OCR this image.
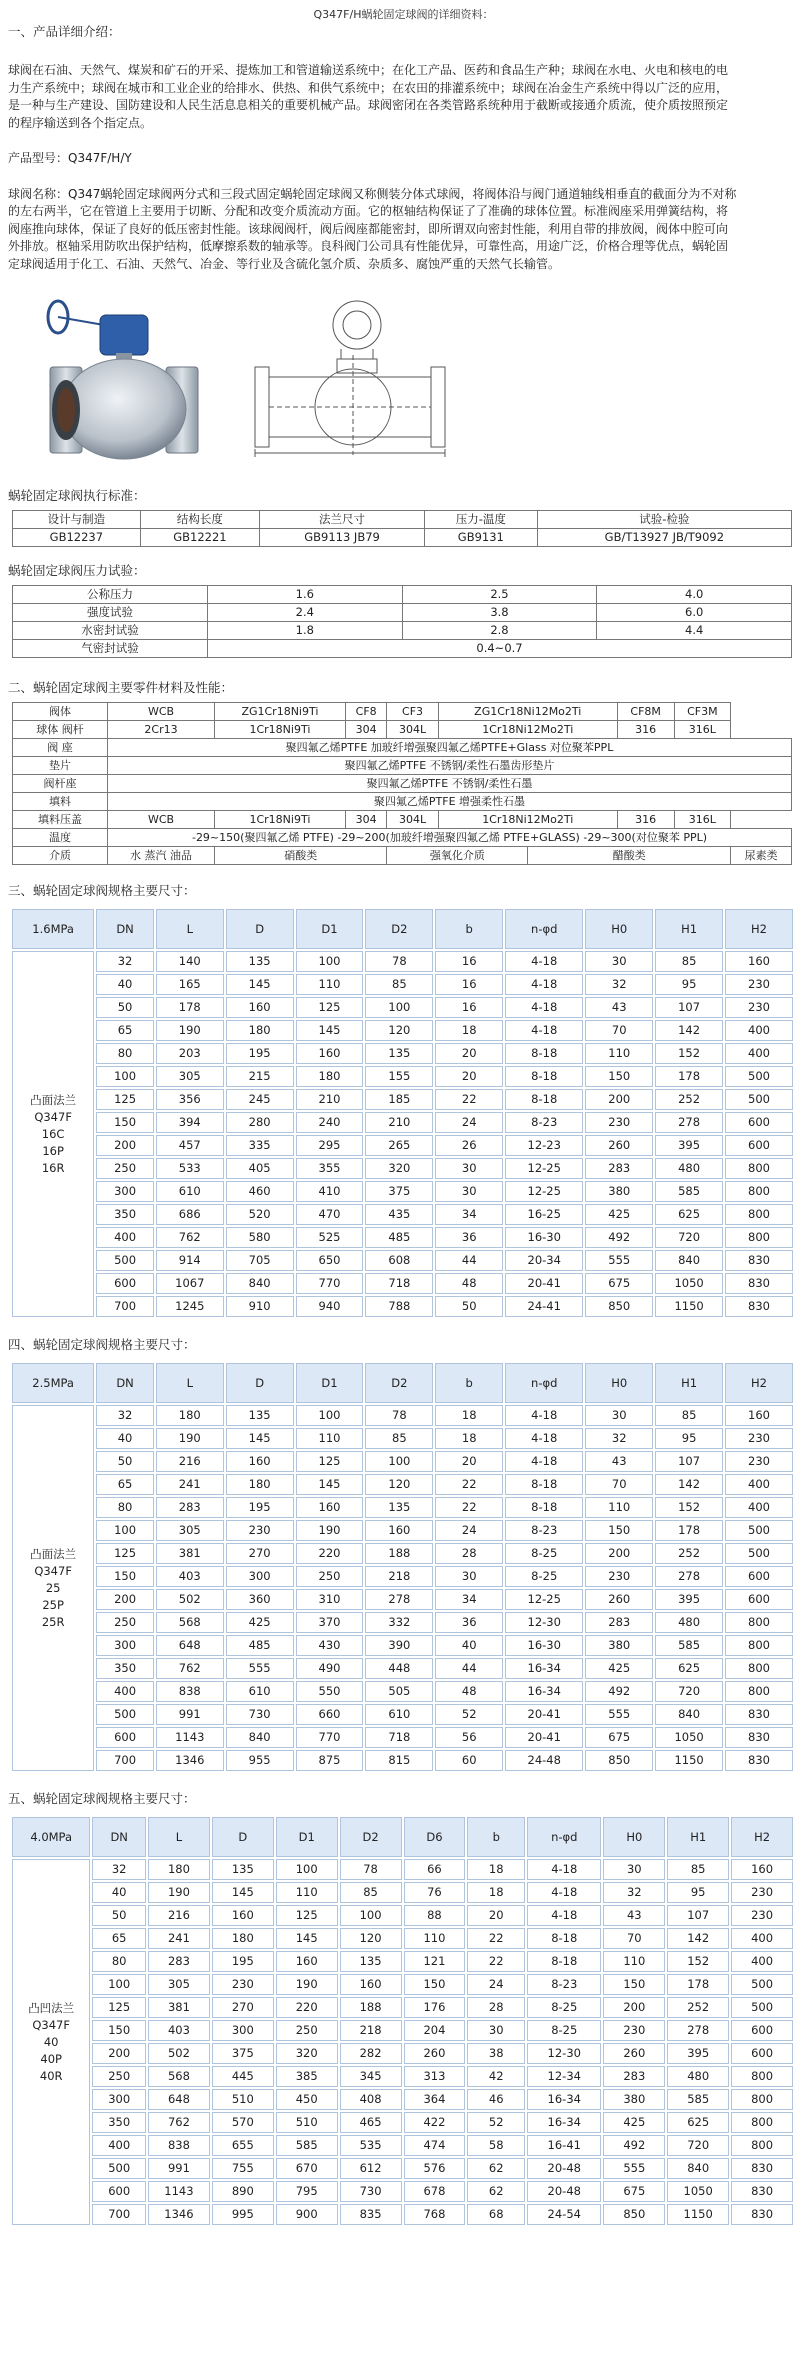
Q347F/H蜗轮固定球阀的详细资料：
一、产品详细介绍：
球阀在石油、天然气、煤炭和矿石的开采、提炼加工和管道输送系统中；在化工产品、医药和食品生产种；球阀在水电、火电和核电的电
力生产系统中；球阀在城市和工业企业的给排水、供热、和供气系统中；在农田的排灌系统中；球阀在冶金生产系统中得以广泛的应用，
是一种与生产建设、国防建设和人民生活息息相关的重要机械产品。球阀密闭在各类管路系统种用于截断或接通介质流，使介质按照预定
的程序输送到各个指定点。
产品型号：Q347F/H/Y
球阀名称：Q347蜗轮固定球阀两分式和三段式固定蜗轮固定球阀又称侧装分体式球阀，将阀体沿与阀门通道轴线相垂直的截面分为不对称
的左右两半，它在管道上主要用于切断、分配和改变介质流动方面。它的枢轴结构保证了了准确的球体位置。标准阀座采用弹簧结构，将
阀座推向球体，保证了良好的低压密封性能。该球阀阀杆，阀后阀座都能密封，即所谓双向密封性能，利用自带的排放阀，阀体中腔可向
外排放。枢轴采用防吹出保护结构，低摩擦系数的轴承等。良科阀门公司具有性能优异，可靠性高，用途广泛，价格合理等优点，蜗轮固
定球阀适用于化工、石油、天然气、冶金、等行业及含硫化氢介质、杂质多、腐蚀严重的天然气长输管。
蜗轮固定球阀执行标准：
设计与制造	结构长度	法兰尺寸	压力-温度	试验-检验
GB12237	GB12221	GB9113 JB79	GB9131	GB/T13927 JB/T9092
蜗轮固定球阀压力试验：
公称压力	1.6	2.5	4.0
强度试验	2.4	3.8	6.0
水密封试验	1.8	2.8	4.4
气密封试验	0.4~0.7		
二、蜗轮固定球阀主要零件材料及性能：
阀体	WCB	ZG1Cr18Ni9Ti	CF8	CF3	ZG1Cr18Ni12Mo2Ti		CF8M	CF3M	
球体 阀杆	2Cr13	1Cr18Ni9Ti	304	304L	1Cr18Ni12Mo2Ti		316	316L	
阀 座	聚四氟乙烯PTFE 加玻纤增强聚四氟乙烯PTFE+Glass 对位聚苯PPL								
垫片	聚四氟乙烯PTFE 不锈钢/柔性石墨齿形垫片								
阀杆座	聚四氟乙烯PTFE 不锈钢/柔性石墨								
填料	聚四氟乙烯PTFE 增强柔性石墨								
填料压盖	WCB	1Cr18Ni9Ti	304	304L	1Cr18Ni12Mo2Ti		316	316L	
温度	-29~150(聚四氟乙烯 PTFE) -29~200(加玻纤增强聚四氟乙烯 PTFE+GLASS) -29~300(对位聚苯 PPL)								
介质	水 蒸汽 油品	硝酸类		强氧化介质		醋酸类			尿素类
三、蜗轮固定球阀规格主要尺寸：
1.6MPa	DN	L	D	D1	D2	b	n-φd	H0	H1	H2

凸面法兰
Q347F
16C
16P
16R	32	140	135	100	78	16	4-18	30	85	160
	40	165	145	110	85	16	4-18	32	95	230
	50	178	160	125	100	16	4-18	43	107	230
	65	190	180	145	120	18	4-18	70	142	400
	80	203	195	160	135	20	8-18	110	152	400
	100	305	215	180	155	20	8-18	150	178	500
	125	356	245	210	185	22	8-18	200	252	500
	150	394	280	240	210	24	8-23	230	278	600
	200	457	335	295	265	26	12-23	260	395	600
	250	533	405	355	320	30	12-25	283	480	800
	300	610	460	410	375	30	12-25	380	585	800
	350	686	520	470	435	34	16-25	425	625	800
	400	762	580	525	485	36	16-30	492	720	800
	500	914	705	650	608	44	20-34	555	840	830
	600	1067	840	770	718	48	20-41	675	1050	830
	700	1245	910	940	788	50	24-41	850	1150	830
四、蜗轮固定球阀规格主要尺寸：
2.5MPa	DN	L	D	D1	D2	b	n-φd	H0	H1	H2

凸面法兰
Q347F
25
25P
25R	32	180	135	100	78	18	4-18	30	85	160
	40	190	145	110	85	18	4-18	32	95	230
	50	216	160	125	100	20	4-18	43	107	230
	65	241	180	145	120	22	8-18	70	142	400
	80	283	195	160	135	22	8-18	110	152	400
	100	305	230	190	160	24	8-23	150	178	500
	125	381	270	220	188	28	8-25	200	252	500
	150	403	300	250	218	30	8-25	230	278	600
	200	502	360	310	278	34	12-25	260	395	600
	250	568	425	370	332	36	12-30	283	480	800
	300	648	485	430	390	40	16-30	380	585	800
	350	762	555	490	448	44	16-34	425	625	800
	400	838	610	550	505	48	16-34	492	720	800
	500	991	730	660	610	52	20-41	555	840	830
	600	1143	840	770	718	56	20-41	675	1050	830
	700	1346	955	875	815	60	24-48	850	1150	830
五、蜗轮固定球阀规格主要尺寸：
4.0MPa	DN	L	D	D1	D2	D6	b	n-φd	H0	H1	H2

凸凹法兰
Q347F
40
40P
40R	32	180	135	100	78	66	18	4-18	30	85	160
	40	190	145	110	85	76	18	4-18	32	95	230
	50	216	160	125	100	88	20	4-18	43	107	230
	65	241	180	145	120	110	22	8-18	70	142	400
	80	283	195	160	135	121	22	8-18	110	152	400
	100	305	230	190	160	150	24	8-23	150	178	500
	125	381	270	220	188	176	28	8-25	200	252	500
	150	403	300	250	218	204	30	8-25	230	278	600
	200	502	375	320	282	260	38	12-30	260	395	600
	250	568	445	385	345	313	42	12-34	283	480	800
	300	648	510	450	408	364	46	16-34	380	585	800
	350	762	570	510	465	422	52	16-34	425	625	800
	400	838	655	585	535	474	58	16-41	492	720	800
	500	991	755	670	612	576	62	20-48	555	840	830
	600	1143	890	795	730	678	62	20-48	675	1050	830
	700	1346	995	900	835	768	68	24-54	850	1150	830
